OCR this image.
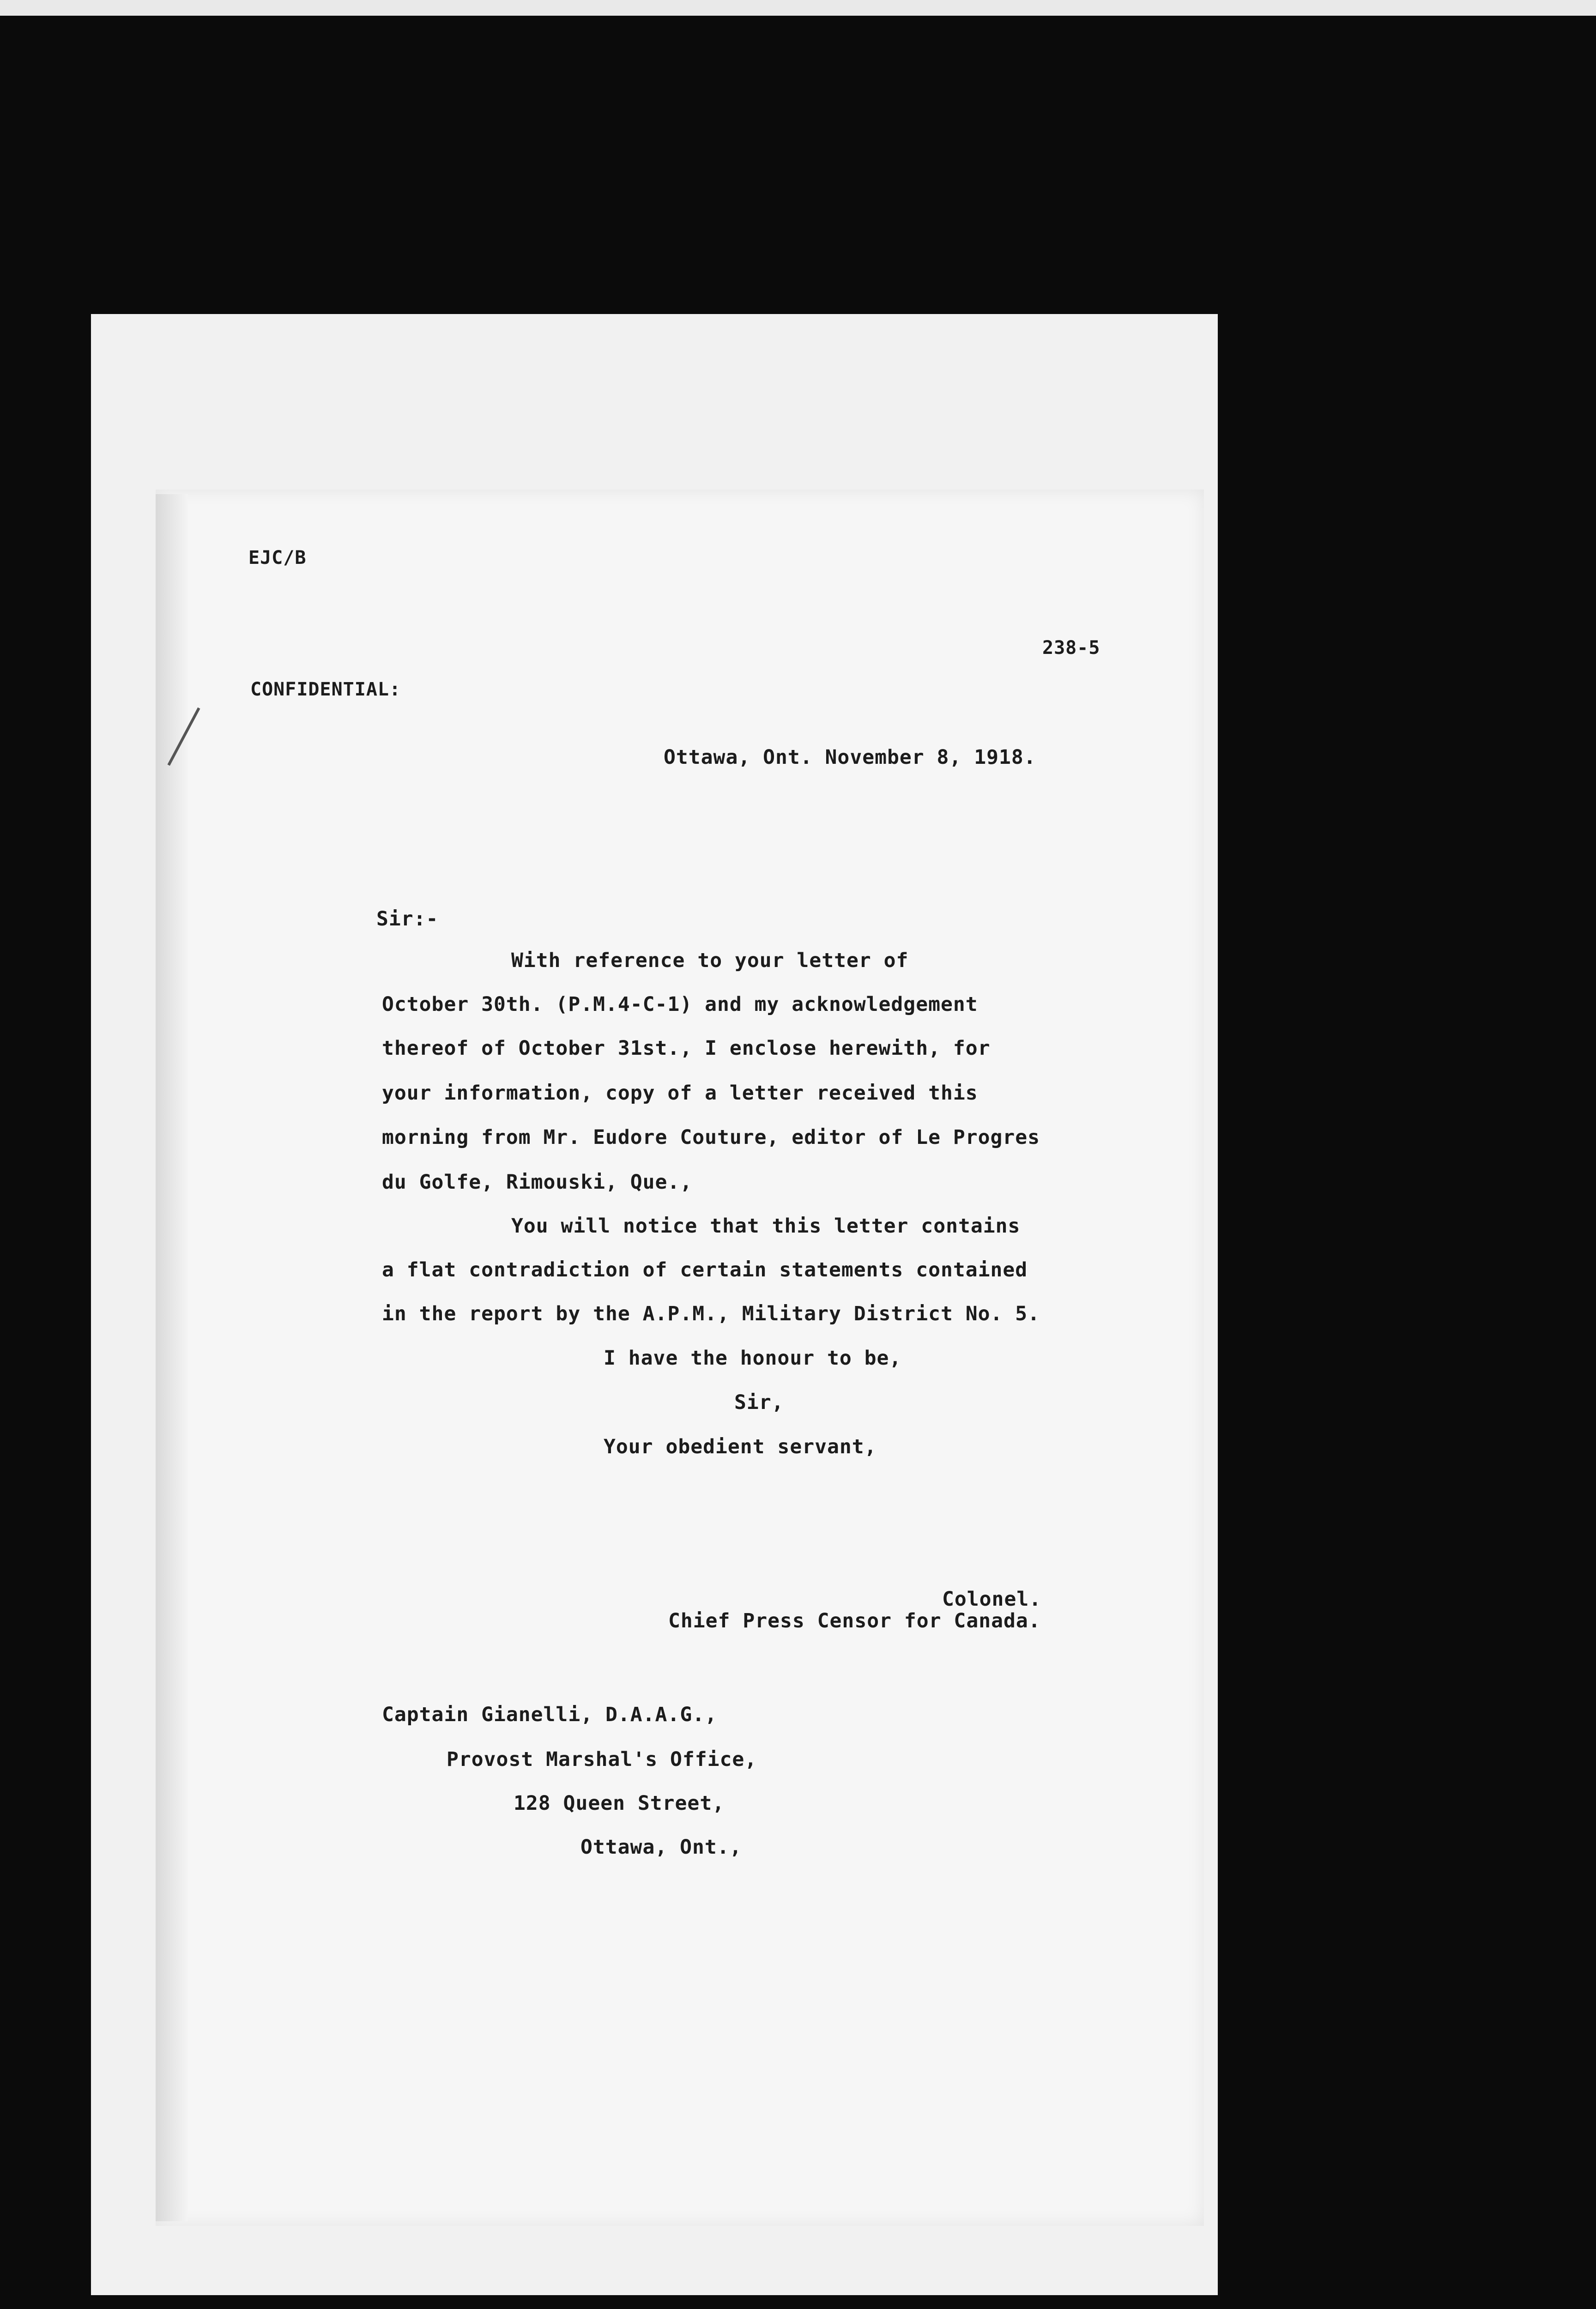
EJC/B
238-5
CONFIDENTIAL:
Ottawa, Ont. November 8, 1918.
Sir:-
With reference to your letter of
October 30th. (P.M.4-C-1) and my acknowledgement
thereof of October 31st., I enclose herewith, for
your information, copy of a letter received this
morning from Mr. Eudore Couture, editor of Le Progres
du Golfe, Rimouski, Que.,
You will notice that this letter contains
a flat contradiction of certain statements contained
in the report by the A.P.M., Military District No. 5.
I have the honour to be,
Sir,
Your obedient servant,
Colonel.
Chief Press Censor for Canada.
Captain Gianelli, D.A.A.G.,
Provost Marshal's Office,
128 Queen Street,
Ottawa, Ont.,
